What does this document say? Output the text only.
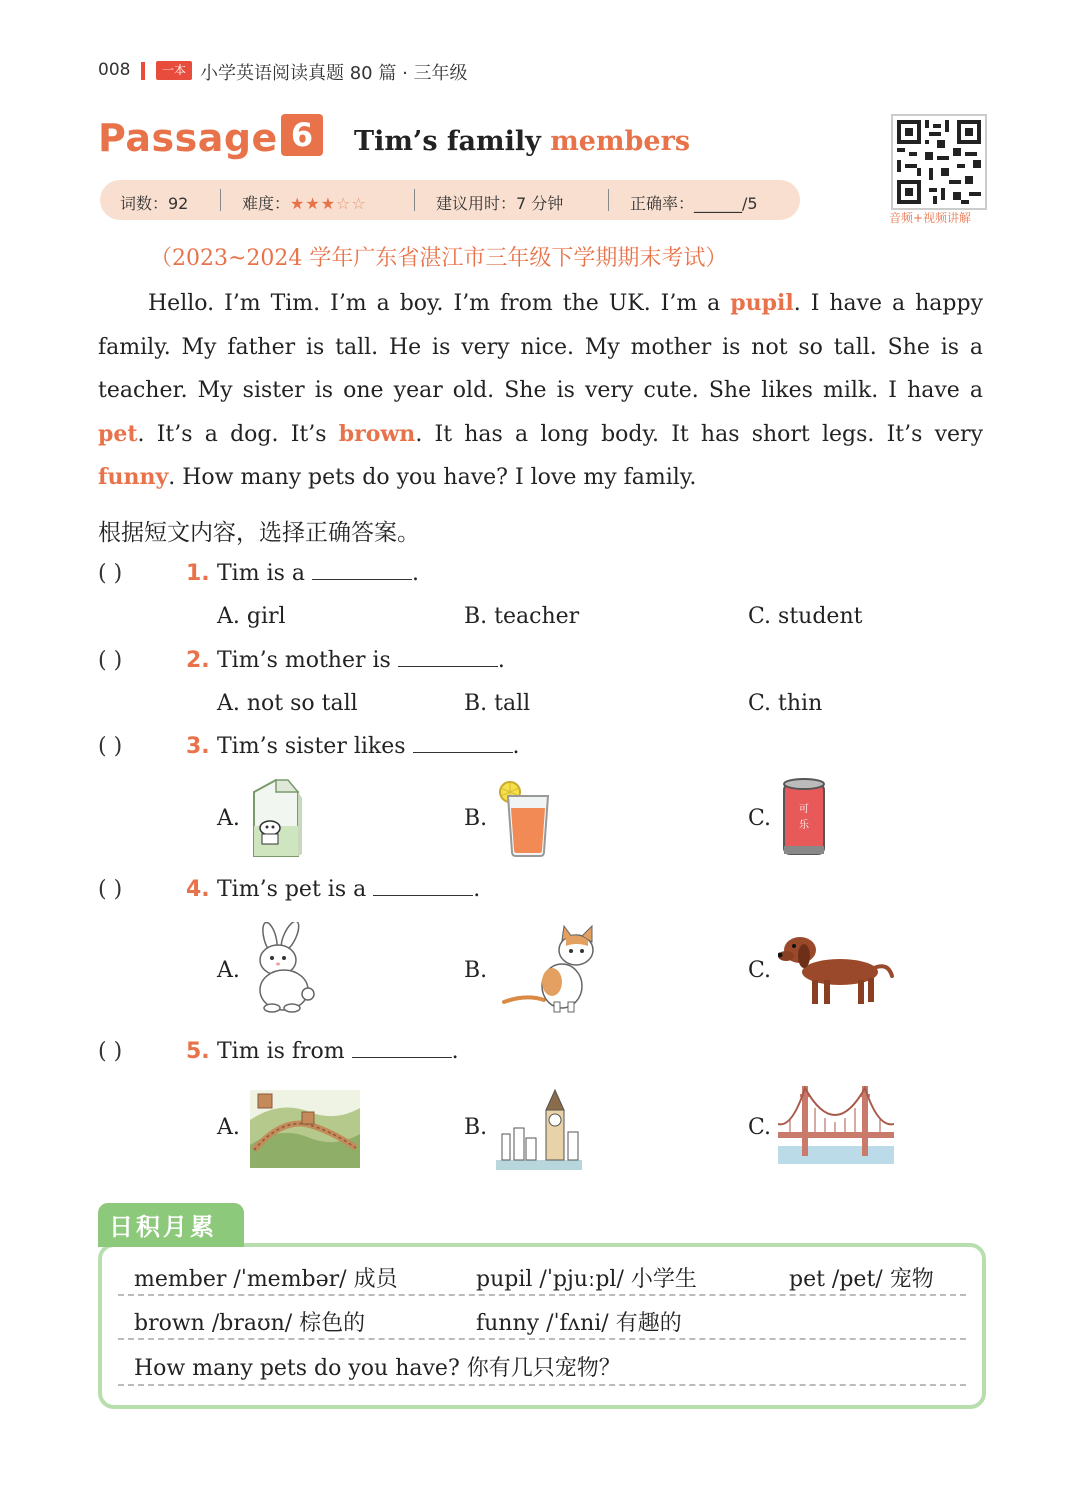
008	一本 小学英语阅读真题 80 篇 · 三年级
Passage 6	Tim’s family members
音频+视频讲解
词数：92	难度：★★★☆☆	建议用时：7 分钟	正确率：______/5
（2023~2024 学年广东省湛江市三年级下学期期末考试）
Hello. I’m Tim. I’m a boy. I’m from the UK. I’m a pupil. I have a happy family. My father is tall. He is very nice. My mother is not so tall. She is a teacher. My sister is one year old. She is very cute. She likes milk. I have a pet. It’s a dog. It’s brown. It has a long body. It has short legs. It’s very funny. How many pets do you have? I love my family.
根据短文内容，选择正确答案。
( )	1. Tim is a	.
A. girl	B. teacher	C. student
( )	2. Tim’s mother is	.
A. not so tall	B. tall	C. thin
( )	3. Tim’s sister likes	.
A.	B.	C.	可
乐
( )	4. Tim’s pet is a	.
A.	B.	C.
( )	5. Tim is from	.
A.	B.	C.
日积月累
member /ˈmembər/ 成员	pupil /ˈpjuːpl/ 小学生	pet /pet/ 宠物
brown /braʊn/ 棕色的	funny /ˈfʌni/ 有趣的
How many pets do you have? 你有几只宠物？
